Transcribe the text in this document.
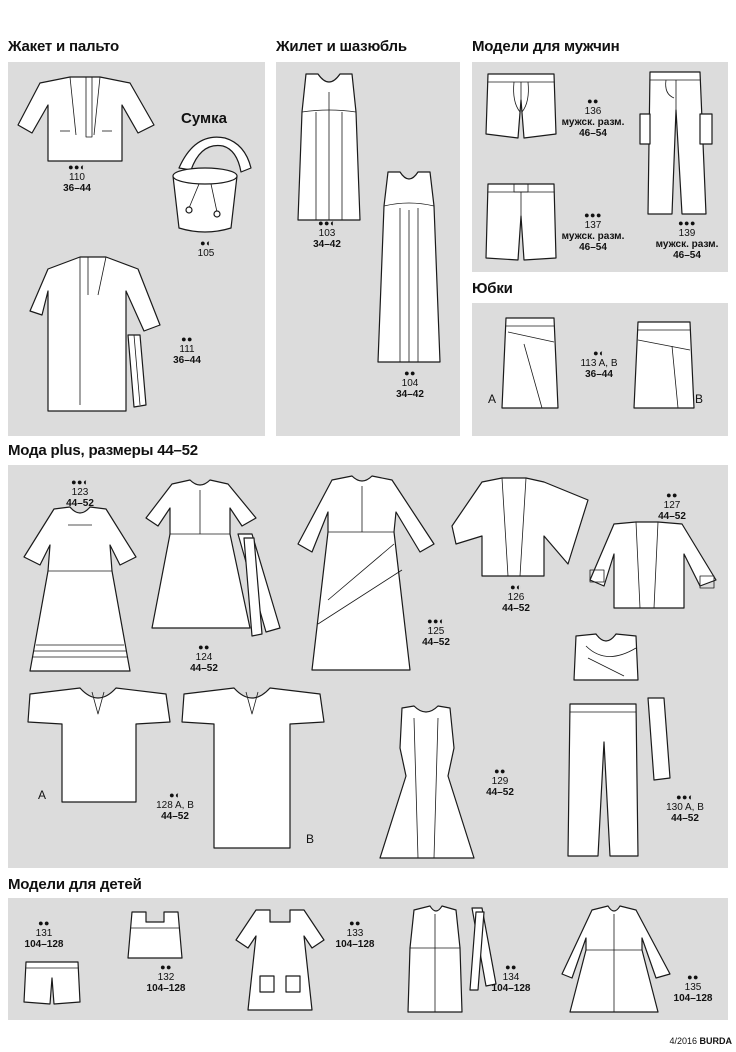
Жакет и пальто	Жилет и шазюбль	Модели для мужчин
Юбки
Мода plus, размеры 44–52
Модели для детей
●●◐
110
36–44
Сумка
●◐
105
●●
111
36–44
●●◐
103
34–42
●●
104
34–42
●●
136
мужск. разм.
46–54
●●●
137
мужск. разм.
46–54
●●●
139
мужск. разм.
46–54
A
●◐
113 A, B
36–44
B
●●◐
123
44–52
●●
124
44–52
●●◐
125
44–52
●◐
126
44–52
●●
127
44–52
A	●◐
128 A, B
44–52
B
●●
129
44–52	●●◐
130 A, B
44–52
●●
131
104–128
●●
132
104–128
●●
133
104–128
●●
134
104–128
●●
135
104–128
4/2016 BURDA
